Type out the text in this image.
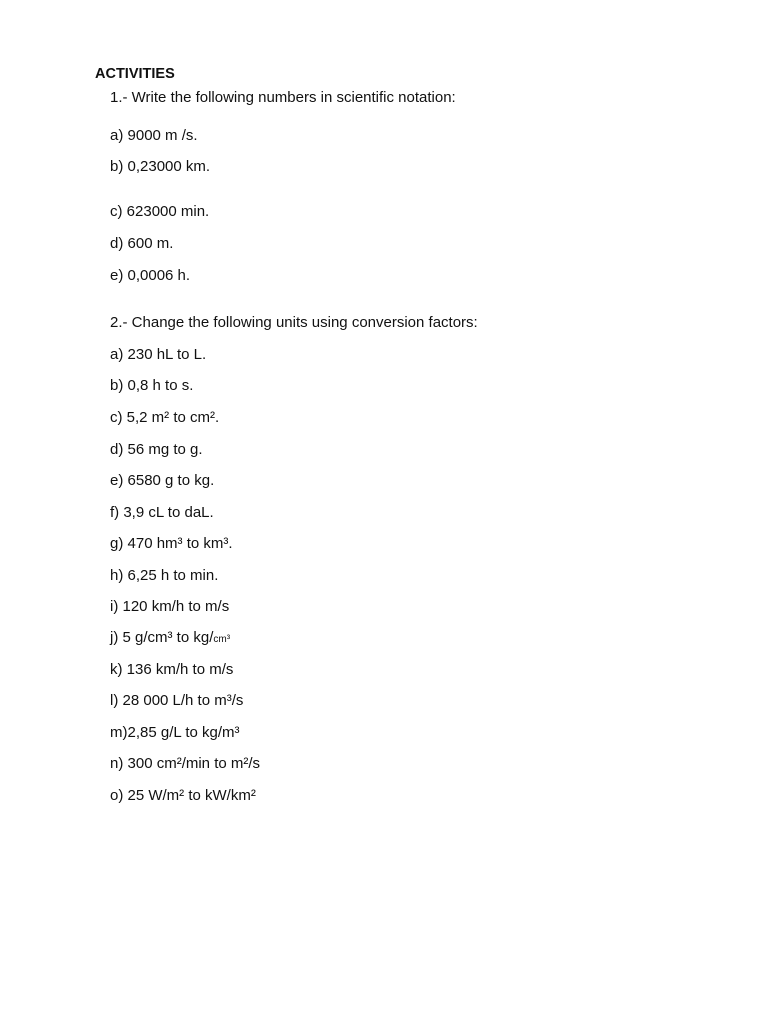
ACTIVITIES
1.- Write the following numbers in scientific notation:
a) 9000 m /s.
b) 0,23000 km.
c) 623000 min.
d) 600 m.
e) 0,0006 h.
2.- Change the following units using conversion factors:
a) 230 hL to L.
b) 0,8 h to s.
c) 5,2 m² to cm².
d) 56 mg to g.
e) 6580 g to kg.
f) 3,9 cL to daL.
g) 470 hm³ to km³.
h) 6,25 h to min.
i) 120 km/h to m/s
j) 5 g/cm³ to kg/cm³
k) 136 km/h to m/s
l) 28 000 L/h to m³/s
m)2,85 g/L to kg/m³
n) 300 cm²/min to m²/s
o) 25 W/m² to kW/km²
